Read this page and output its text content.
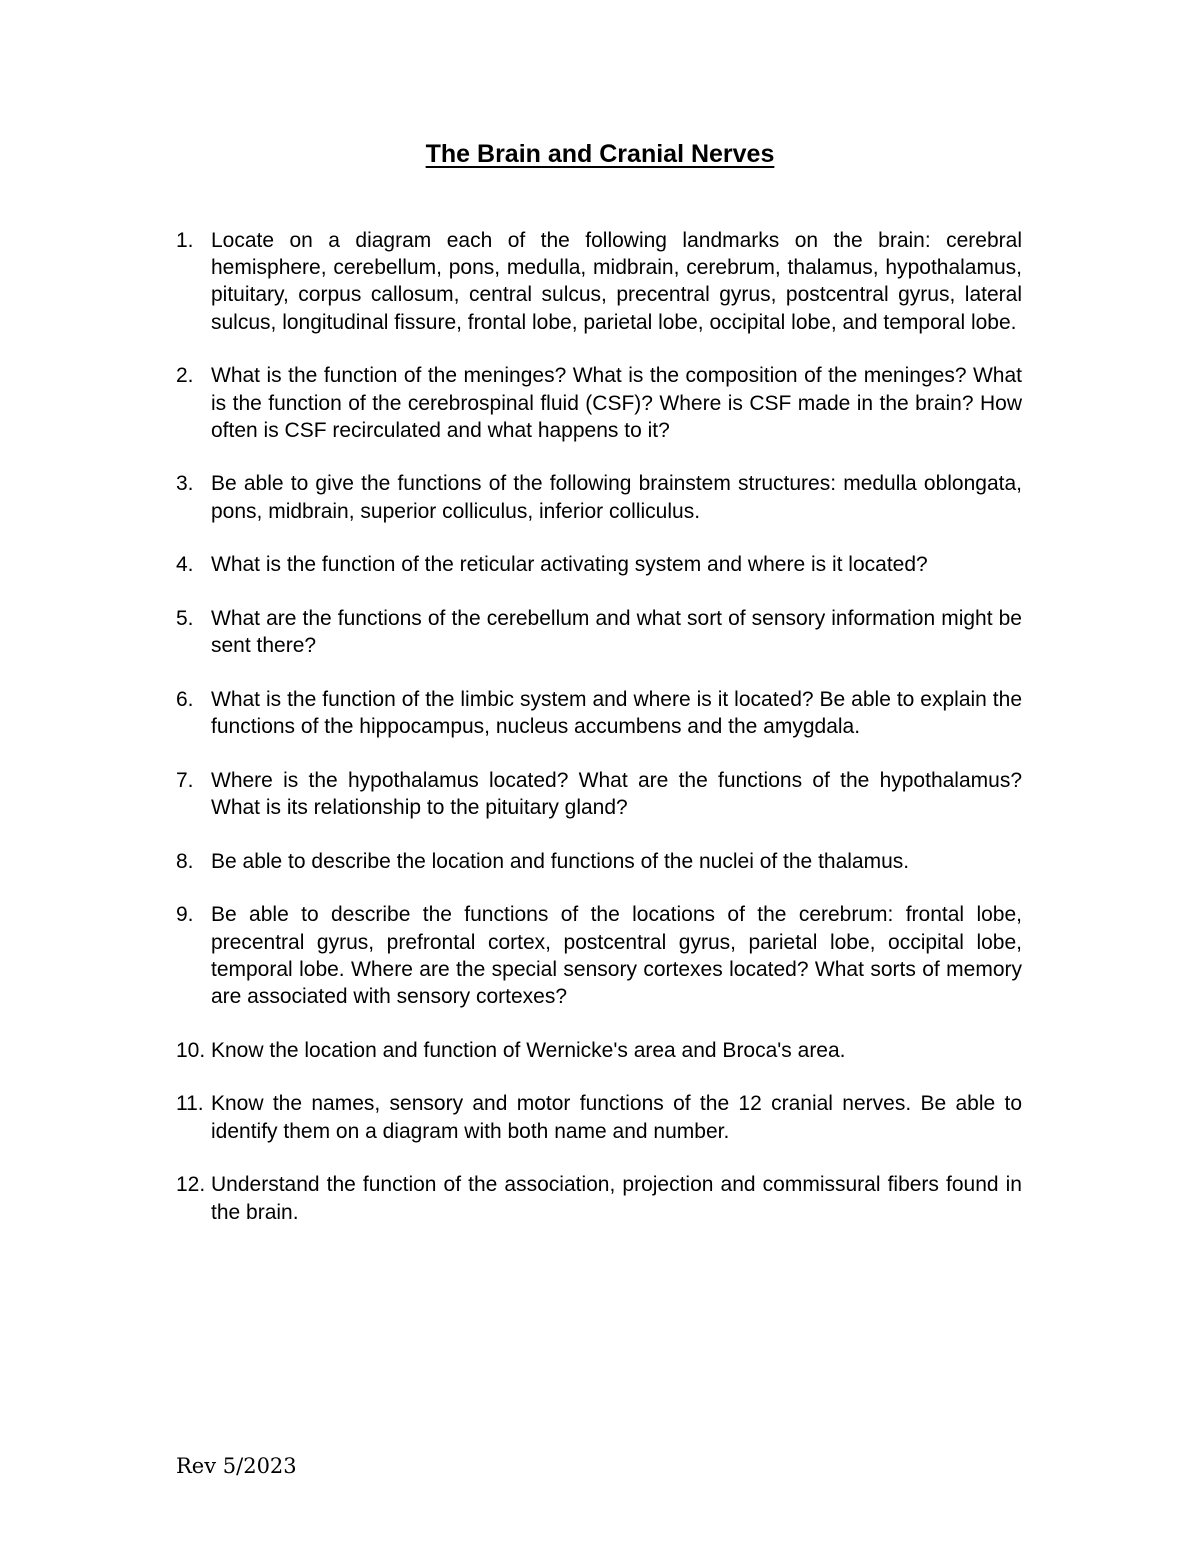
The Brain and Cranial Nerves
1. Locate on a diagram each of the following landmarks on the brain: cerebral hemisphere, cerebellum, pons, medulla, midbrain, cerebrum, thalamus, hypothalamus, pituitary, corpus callosum, central sulcus, precentral gyrus, postcentral gyrus, lateral sulcus, longitudinal fissure, frontal lobe, parietal lobe, occipital lobe, and temporal lobe.
2. What is the function of the meninges? What is the composition of the meninges? What is the function of the cerebrospinal fluid (CSF)? Where is CSF made in the brain? How often is CSF recirculated and what happens to it?
3. Be able to give the functions of the following brainstem structures: medulla oblongata, pons, midbrain, superior colliculus, inferior colliculus.
4. What is the function of the reticular activating system and where is it located?
5. What are the functions of the cerebellum and what sort of sensory information might be sent there?
6. What is the function of the limbic system and where is it located? Be able to explain the functions of the hippocampus, nucleus accumbens and the amygdala.
7. Where is the hypothalamus located? What are the functions of the hypothalamus? What is its relationship to the pituitary gland?
8. Be able to describe the location and functions of the nuclei of the thalamus.
9. Be able to describe the functions of the locations of the cerebrum: frontal lobe, precentral gyrus, prefrontal cortex, postcentral gyrus, parietal lobe, occipital lobe, temporal lobe. Where are the special sensory cortexes located? What sorts of memory are associated with sensory cortexes?
10. Know the location and function of Wernicke's area and Broca's area.
11. Know the names, sensory and motor functions of the 12 cranial nerves. Be able to identify them on a diagram with both name and number.
12. Understand the function of the association, projection and commissural fibers found in the brain.
Rev 5/2023
